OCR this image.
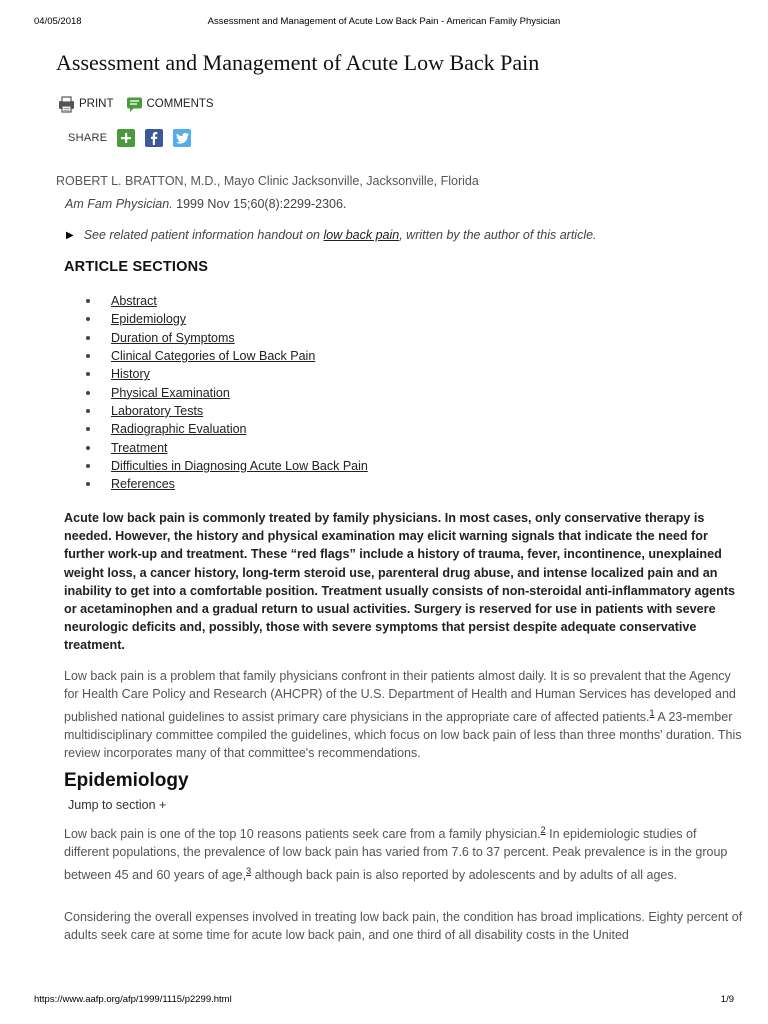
04/05/2018	Assessment and Management of Acute Low Back Pain - American Family Physician
Assessment and Management of Acute Low Back Pain
PRINT	COMMENTS
SHARE
ROBERT L. BRATTON, M.D., Mayo Clinic Jacksonville, Jacksonville, Florida
Am Fam Physician. 1999 Nov 15;60(8):2299-2306.
▶ See related patient information handout on low back pain, written by the author of this article.
ARTICLE SECTIONS
Abstract
Epidemiology
Duration of Symptoms
Clinical Categories of Low Back Pain
History
Physical Examination
Laboratory Tests
Radiographic Evaluation
Treatment
Difficulties in Diagnosing Acute Low Back Pain
References

Acute low back pain is commonly treated by family physicians. In most cases, only conservative therapy is needed. However, the history and physical examination may elicit warning signals that indicate the need for further work-up and treatment. These “red flags” include a history of trauma, fever, incontinence, unexplained weight loss, a cancer history, long-term steroid use, parenteral drug abuse, and intense localized pain and an inability to get into a comfortable position. Treatment usually consists of non-steroidal anti-inflammatory agents or acetaminophen and a gradual return to usual activities. Surgery is reserved for use in patients with severe neurologic deficits and, possibly, those with severe symptoms that persist despite adequate conservative treatment.

Low back pain is a problem that family physicians confront in their patients almost daily. It is so prevalent that the Agency for Health Care Policy and Research (AHCPR) of the U.S. Department of Health and Human Services has developed and published national guidelines to assist primary care physicians in the appropriate care of affected patients.$^1$ A 23-member multidisciplinary committee compiled the guidelines, which focus on low back pain of less than three months' duration. This review incorporates many of that committee's recommendations.

Epidemiology
Jump to section +

Low back pain is one of the top 10 reasons patients seek care from a family physician.$^2$ In epidemiologic studies of different populations, the prevalence of low back pain has varied from 7.6 to 37 percent. Peak prevalence is in the group between 45 and 60 years of age,$^3$ although back pain is also reported by adolescents and by adults of all ages.

Considering the overall expenses involved in treating low back pain, the condition has broad implications. Eighty percent of adults seek care at some time for acute low back pain, and one third of all disability costs in the United

https://www.aafp.org/afp/1999/1115/p2299.html	1/9
